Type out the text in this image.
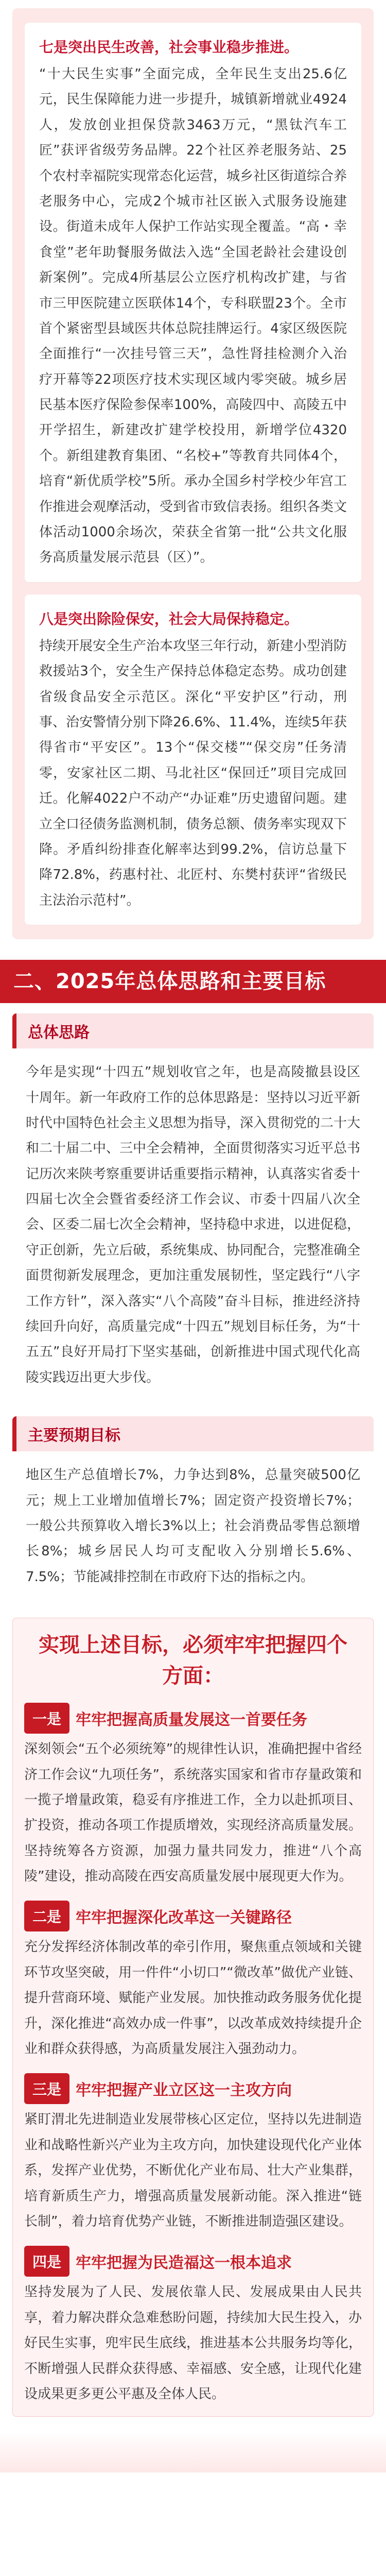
七是突出民生改善，社会事业稳步推进。
“十大民生实事”全面完成，全年民生支出25.6亿元，民生保障能力进一步提升，城镇新增就业4924人，发放创业担保贷款3463万元，“黑钛汽车工匠”获评省级劳务品牌。22个社区养老服务站、25个农村幸福院实现常态化运营，城乡社区街道综合养老服务中心，完成2个城市社区嵌入式服务设施建设。街道未成年人保护工作站实现全覆盖。“高・幸食堂”老年助餐服务做法入选“全国老龄社会建设创新案例”。完成4所基层公立医疗机构改扩建，与省市三甲医院建立医联体14个，专科联盟23个。全市首个紧密型县域医共体总院挂牌运行。4家区级医院全面推行“一次挂号管三天”，急性肾挂检测介入治疗开幕等22项医疗技术实现区域内零突破。城乡居民基本医疗保险参保率100%，高陵四中、高陵五中开学招生，新建改扩建学校投用，新增学位4320个。新组建教育集团、“名校+”等教育共同体4个，培育“新优质学校”5所。承办全国乡村学校少年宫工作推进会观摩活动，受到省市致信表扬。组织各类文体活动1000余场次，荣获全省第一批“公共文化服务高质量发展示范县（区）”。
八是突出除险保安，社会大局保持稳定。
持续开展安全生产治本攻坚三年行动，新建小型消防救援站3个，安全生产保持总体稳定态势。成功创建省级食品安全示范区。深化“平安护区”行动，刑事、治安警情分别下降26.6%、11.4%，连续5年获得省市“平安区”。13个“保交楼”“保交房”任务清零，安家社区二期、马北社区“保回迁”项目完成回迁。化解4022户不动产“办证难”历史遗留问题。建立全口径债务监测机制，债务总额、债务率实现双下降。矛盾纠纷排查化解率达到99.2%，信访总量下降72.8%，药惠村社、北匠村、东樊村获评“省级民主法治示范村”。
二、2025年总体思路和主要目标
总体思路
今年是实现“十四五”规划收官之年，也是高陵撤县设区十周年。新一年政府工作的总体思路是：坚持以习近平新时代中国特色社会主义思想为指导，深入贯彻党的二十大和二十届二中、三中全会精神，全面贯彻落实习近平总书记历次来陕考察重要讲话重要指示精神，认真落实省委十四届七次全会暨省委经济工作会议、市委十四届八次全会、区委二届七次全会精神，坚持稳中求进，以进促稳，守正创新，先立后破，系统集成、协同配合，完整准确全面贯彻新发展理念，更加注重发展韧性，坚定践行“八字工作方针”，深入落实“八个高陵”奋斗目标，推进经济持续回升向好，高质量完成“十四五”规划目标任务，为“十五五”良好开局打下坚实基础，创新推进中国式现代化高陵实践迈出更大步伐。
主要预期目标
地区生产总值增长7%，力争达到8%，总量突破500亿元；规上工业增加值增长7%；固定资产投资增长7%；一般公共预算收入增长3%以上；社会消费品零售总额增长8%；城乡居民人均可支配收入分别增长5.6%、7.5%；节能减排控制在市政府下达的指标之内。
实现上述目标，必须牢牢把握四个方面：
一是 牢牢把握高质量发展这一首要任务
深刻领会“五个必须统筹”的规律性认识，准确把握中省经济工作会议“九项任务”，系统落实国家和省市存量政策和一揽子增量政策，稳妥有序推进工作，全力以赴抓项目、扩投资，推动各项工作提质增效，实现经济高质量发展。坚持统筹各方资源，加强力量共同发力，推进“八个高陵”建设，推动高陵在西安高质量发展中展现更大作为。
二是 牢牢把握深化改革这一关键路径
充分发挥经济体制改革的牵引作用，聚焦重点领域和关键环节攻坚突破，用一件件“小切口”“微改革”做优产业链、提升营商环境、赋能产业发展。加快推动政务服务优化提升，深化推进“高效办成一件事”，以改革成效持续提升企业和群众获得感，为高质量发展注入强劲动力。
三是 牢牢把握产业立区这一主攻方向
紧盯渭北先进制造业发展带核心区定位，坚持以先进制造业和战略性新兴产业为主攻方向，加快建设现代化产业体系，发挥产业优势，不断优化产业布局、壮大产业集群，培育新质生产力，增强高质量发展新动能。深入推进“链长制”，着力培育优势产业链，不断推进制造强区建设。
四是 牢牢把握为民造福这一根本追求
坚持发展为了人民、发展依靠人民、发展成果由人民共享，着力解决群众急难愁盼问题，持续加大民生投入，办好民生实事，兜牢民生底线，推进基本公共服务均等化，不断增强人民群众获得感、幸福感、安全感，让现代化建设成果更多更公平惠及全体人民。
